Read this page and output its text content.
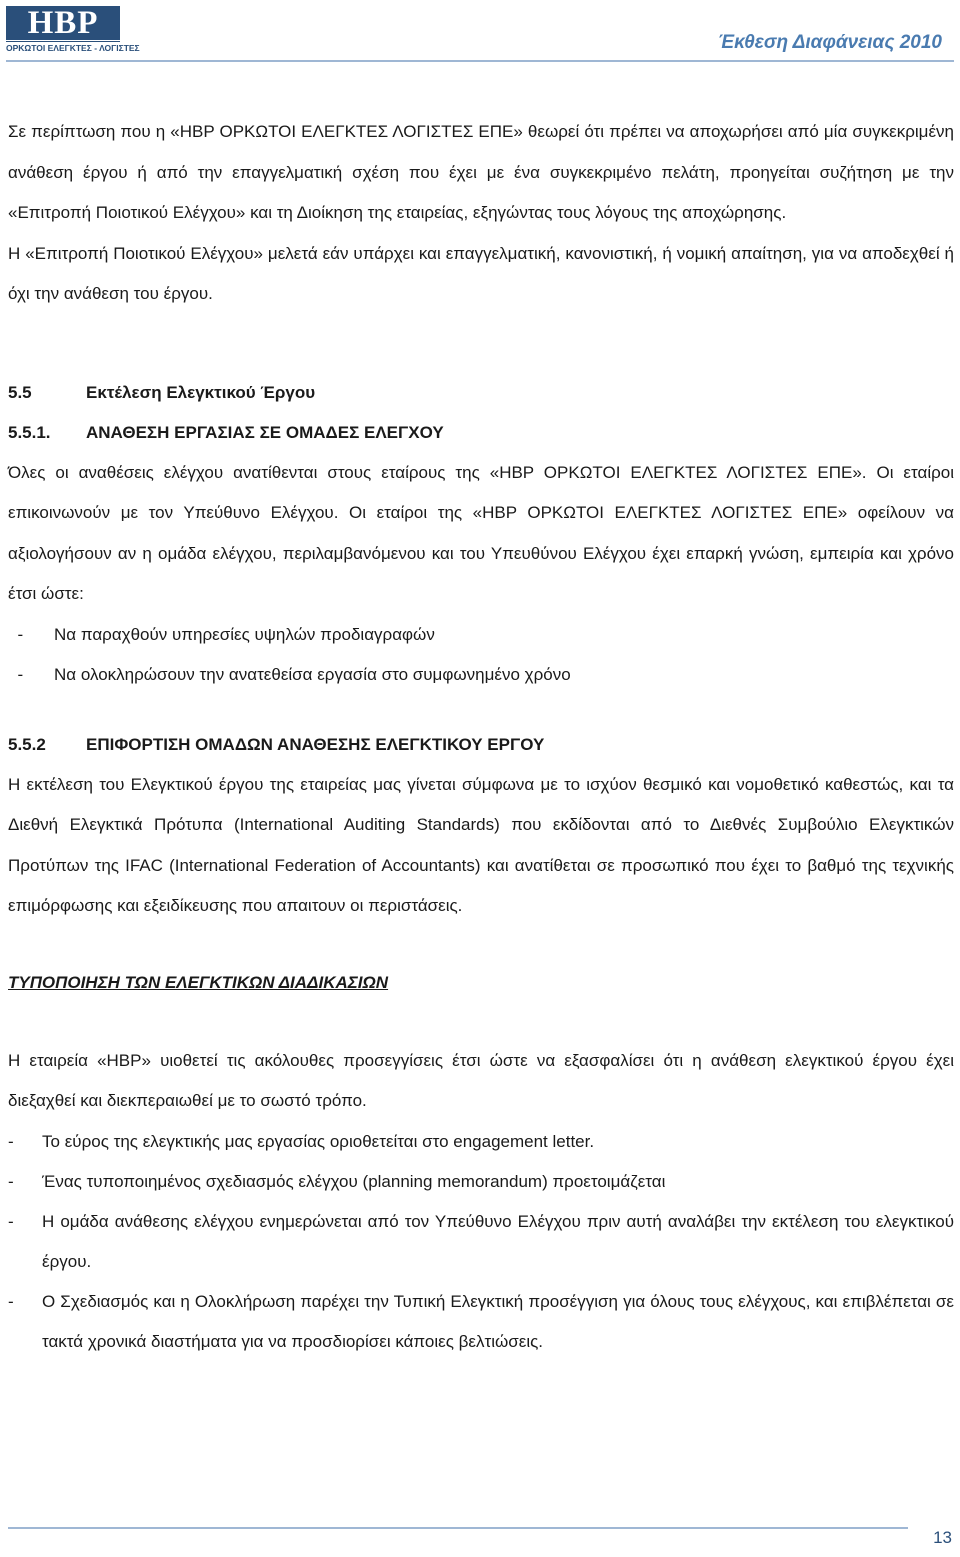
HBP
ΟΡΚΩΤΟΙ ΕΛΕΓΚΤΕΣ - ΛΟΓΙΣΤΕΣ	Έκθεση Διαφάνειας 2010

Σε περίπτωση που η «HBP ΟΡΚΩΤΟΙ ΕΛΕΓΚΤΕΣ ΛΟΓΙΣΤΕΣ ΕΠΕ» θεωρεί ότι πρέπει να αποχωρήσει από μία συγκεκριμένη ανάθεση έργου ή από την επαγγελματική σχέση που έχει με ένα συγκεκριμένο πελάτη, προηγείται συζήτηση με την «Επιτροπή Ποιοτικού Ελέγχου» και τη Διοίκηση της εταιρείας, εξηγώντας τους λόγους της αποχώρησης.

Η «Επιτροπή Ποιοτικού Ελέγχου» μελετά εάν υπάρχει και επαγγελματική, κανονιστική, ή νομική απαίτηση, για να αποδεχθεί ή όχι την ανάθεση του έργου.

5.5	Εκτέλεση Ελεγκτικού Έργου

5.5.1. ΑΝΑΘΕΣΗ ΕΡΓΑΣΙΑΣ ΣΕ ΟΜΑΔΕΣ ΕΛΕΓΧΟΥ

Όλες οι αναθέσεις ελέγχου ανατίθενται στους εταίρους της «HBP ΟΡΚΩΤΟΙ ΕΛΕΓΚΤΕΣ ΛΟΓΙΣΤΕΣ ΕΠΕ». Οι εταίροι επικοινωνούν με τον Υπεύθυνο Ελέγχου. Οι εταίροι της «HBP ΟΡΚΩΤΟΙ ΕΛΕΓΚΤΕΣ ΛΟΓΙΣΤΕΣ ΕΠΕ» οφείλουν να αξιολογήσουν αν η ομάδα ελέγχου, περιλαμβανόμενου και του Υπευθύνου Ελέγχου έχει επαρκή γνώση, εμπειρία και χρόνο έτσι ώστε:

-	Να παραχθούν υπηρεσίες υψηλών προδιαγραφών
-	Να ολοκληρώσουν την ανατεθείσα εργασία στο συμφωνημένο χρόνο

5.5.2 ΕΠΙΦΟΡΤΙΣΗ ΟΜΑΔΩΝ ΑΝΑΘΕΣΗΣ ΕΛΕΓΚΤΙΚΟΥ ΕΡΓΟΥ

Η εκτέλεση του Ελεγκτικού έργου της εταιρείας μας γίνεται σύμφωνα με το ισχύον θεσμικό και νομοθετικό καθεστώς, και τα Διεθνή Ελεγκτικά Πρότυπα (International Auditing Standards) που εκδίδονται από το Διεθνές Συμβούλιο Ελεγκτικών Προτύπων της IFAC (International Federation of Accountants) και ανατίθεται σε προσωπικό που έχει το βαθμό της τεχνικής επιμόρφωσης και εξειδίκευσης που απαιτουν οι περιστάσεις.

ΤΥΠΟΠΟΙΗΣΗ ΤΩΝ ΕΛΕΓΚΤΙΚΩΝ ΔΙΑΔΙΚΑΣΙΩΝ

Η εταιρεία «HBP» υιοθετεί τις ακόλουθες προσεγγίσεις έτσι ώστε να εξασφαλίσει ότι η ανάθεση ελεγκτικού έργου έχει διεξαχθεί και διεκπεραιωθεί με το σωστό τρόπο.

-	Το εύρος της ελεγκτικής μας εργασίας οριοθετείται στο engagement letter.
-	Ένας τυποποιημένος σχεδιασμός ελέγχου (planning memorandum) προετοιμάζεται
-	Η ομάδα ανάθεσης ελέγχου ενημερώνεται από τον Υπεύθυνο Ελέγχου πριν αυτή αναλάβει την εκτέλεση του ελεγκτικού έργου.
-	Ο Σχεδιασμός και η Ολοκλήρωση παρέχει την Τυπική Ελεγκτική προσέγγιση για όλους τους ελέγχους, και επιβλέπεται σε τακτά χρονικά διαστήματα για να προσδιορίσει κάποιες βελτιώσεις.
13
